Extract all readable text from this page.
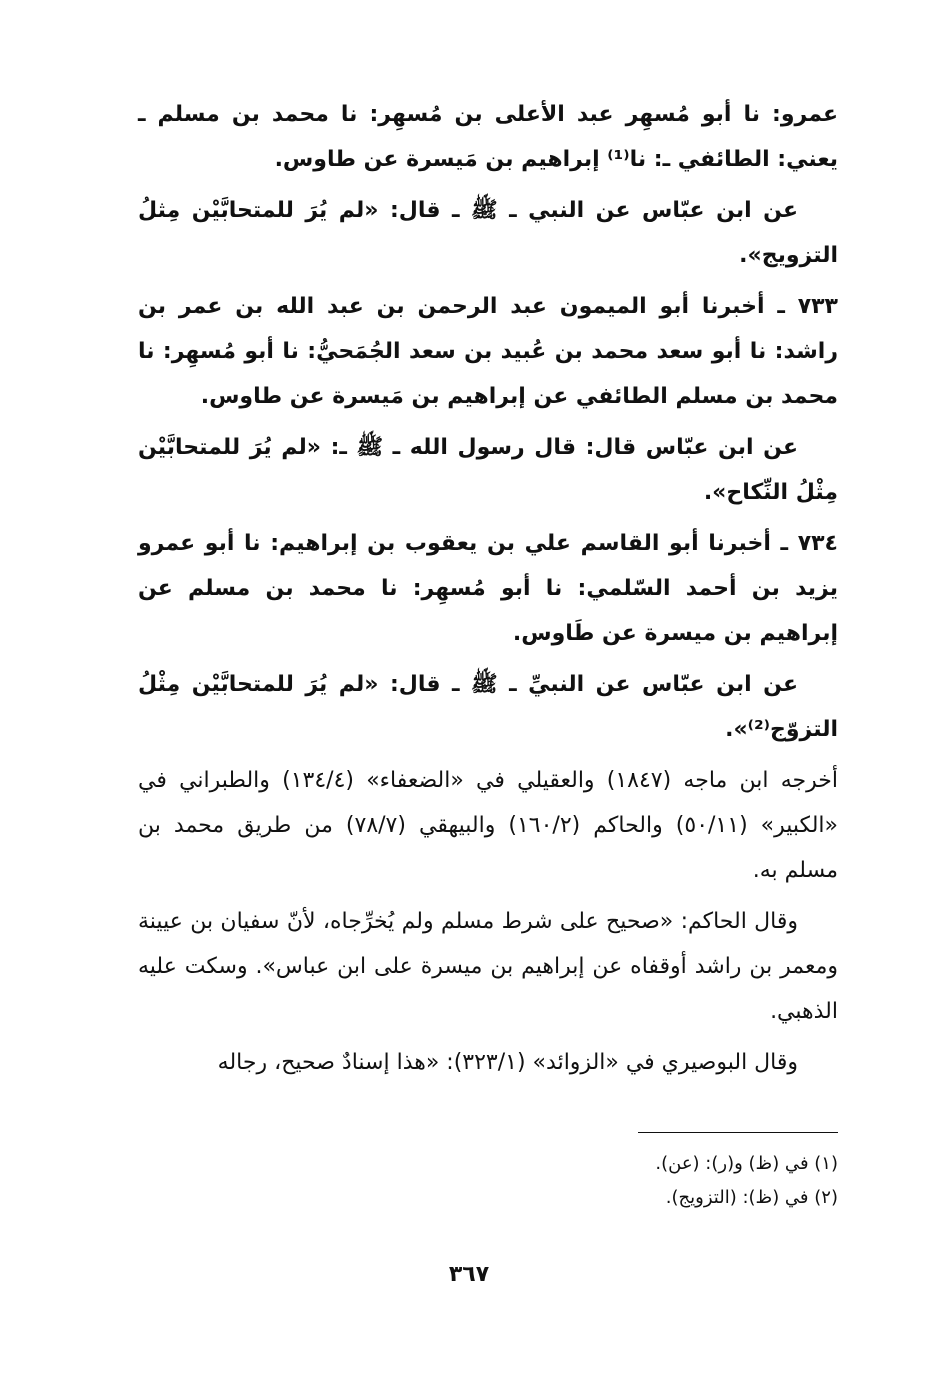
عمرو: نا أبو مُسهِر عبد الأعلى بن مُسهِر: نا محمد بن مسلم ـ يعني: الطائفي ـ: نا⁽¹⁾ إبراهيم بن مَيسرة عن طاوس.

عن ابن عبّاس عن النبي ـ ﷺ ـ قال: «لم يُرَ للمتحابَّيْن مِثلُ التزويج».

٧٣٣ ـ أخبرنا أبو الميمون عبد الرحمن بن عبد الله بن عمر بن راشد: نا أبو سعد محمد بن عُبيد بن سعد الجُمَحيُّ: نا أبو مُسهِر: نا محمد بن مسلم الطائفي عن إبراهيم بن مَيسرة عن طاوس.

عن ابن عبّاس قال: قال رسول الله ـ ﷺ ـ: «لم يُرَ للمتحابَّيْن مِثْلُ النِّكاح».

٧٣٤ ـ أخبرنا أبو القاسم علي بن يعقوب بن إبراهيم: نا أبو عمرو يزيد بن أحمد السّلمي: نا أبو مُسهِر: نا محمد بن مسلم عن إبراهيم بن ميسرة عن طَاوس.

عن ابن عبّاس عن النبيِّ ـ ﷺ ـ قال: «لم يُرَ للمتحابَّيْن مِثْلُ التزوّج⁽²⁾».

أخرجه ابن ماجه (١٨٤٧) والعقيلي في «الضعفاء» (١٣٤/٤) والطبراني في «الكبير» (٥٠/١١) والحاكم (١٦٠/٢) والبيهقي (٧٨/٧) من طريق محمد بن مسلم به.

وقال الحاكم: «صحيح على شرط مسلم ولم يُخرِّجاه، لأنّ سفيان بن عيينة ومعمر بن راشد أوقفاه عن إبراهيم بن ميسرة على ابن عباس». وسكت عليه الذهبي.

وقال البوصيري في «الزوائد» (٣٢٣/١): «هذا إسنادٌ صحيح، رجاله

(١) في (ظ) و(ر): (عن).

(٢) في (ظ): (التزويج).

٣٦٧
